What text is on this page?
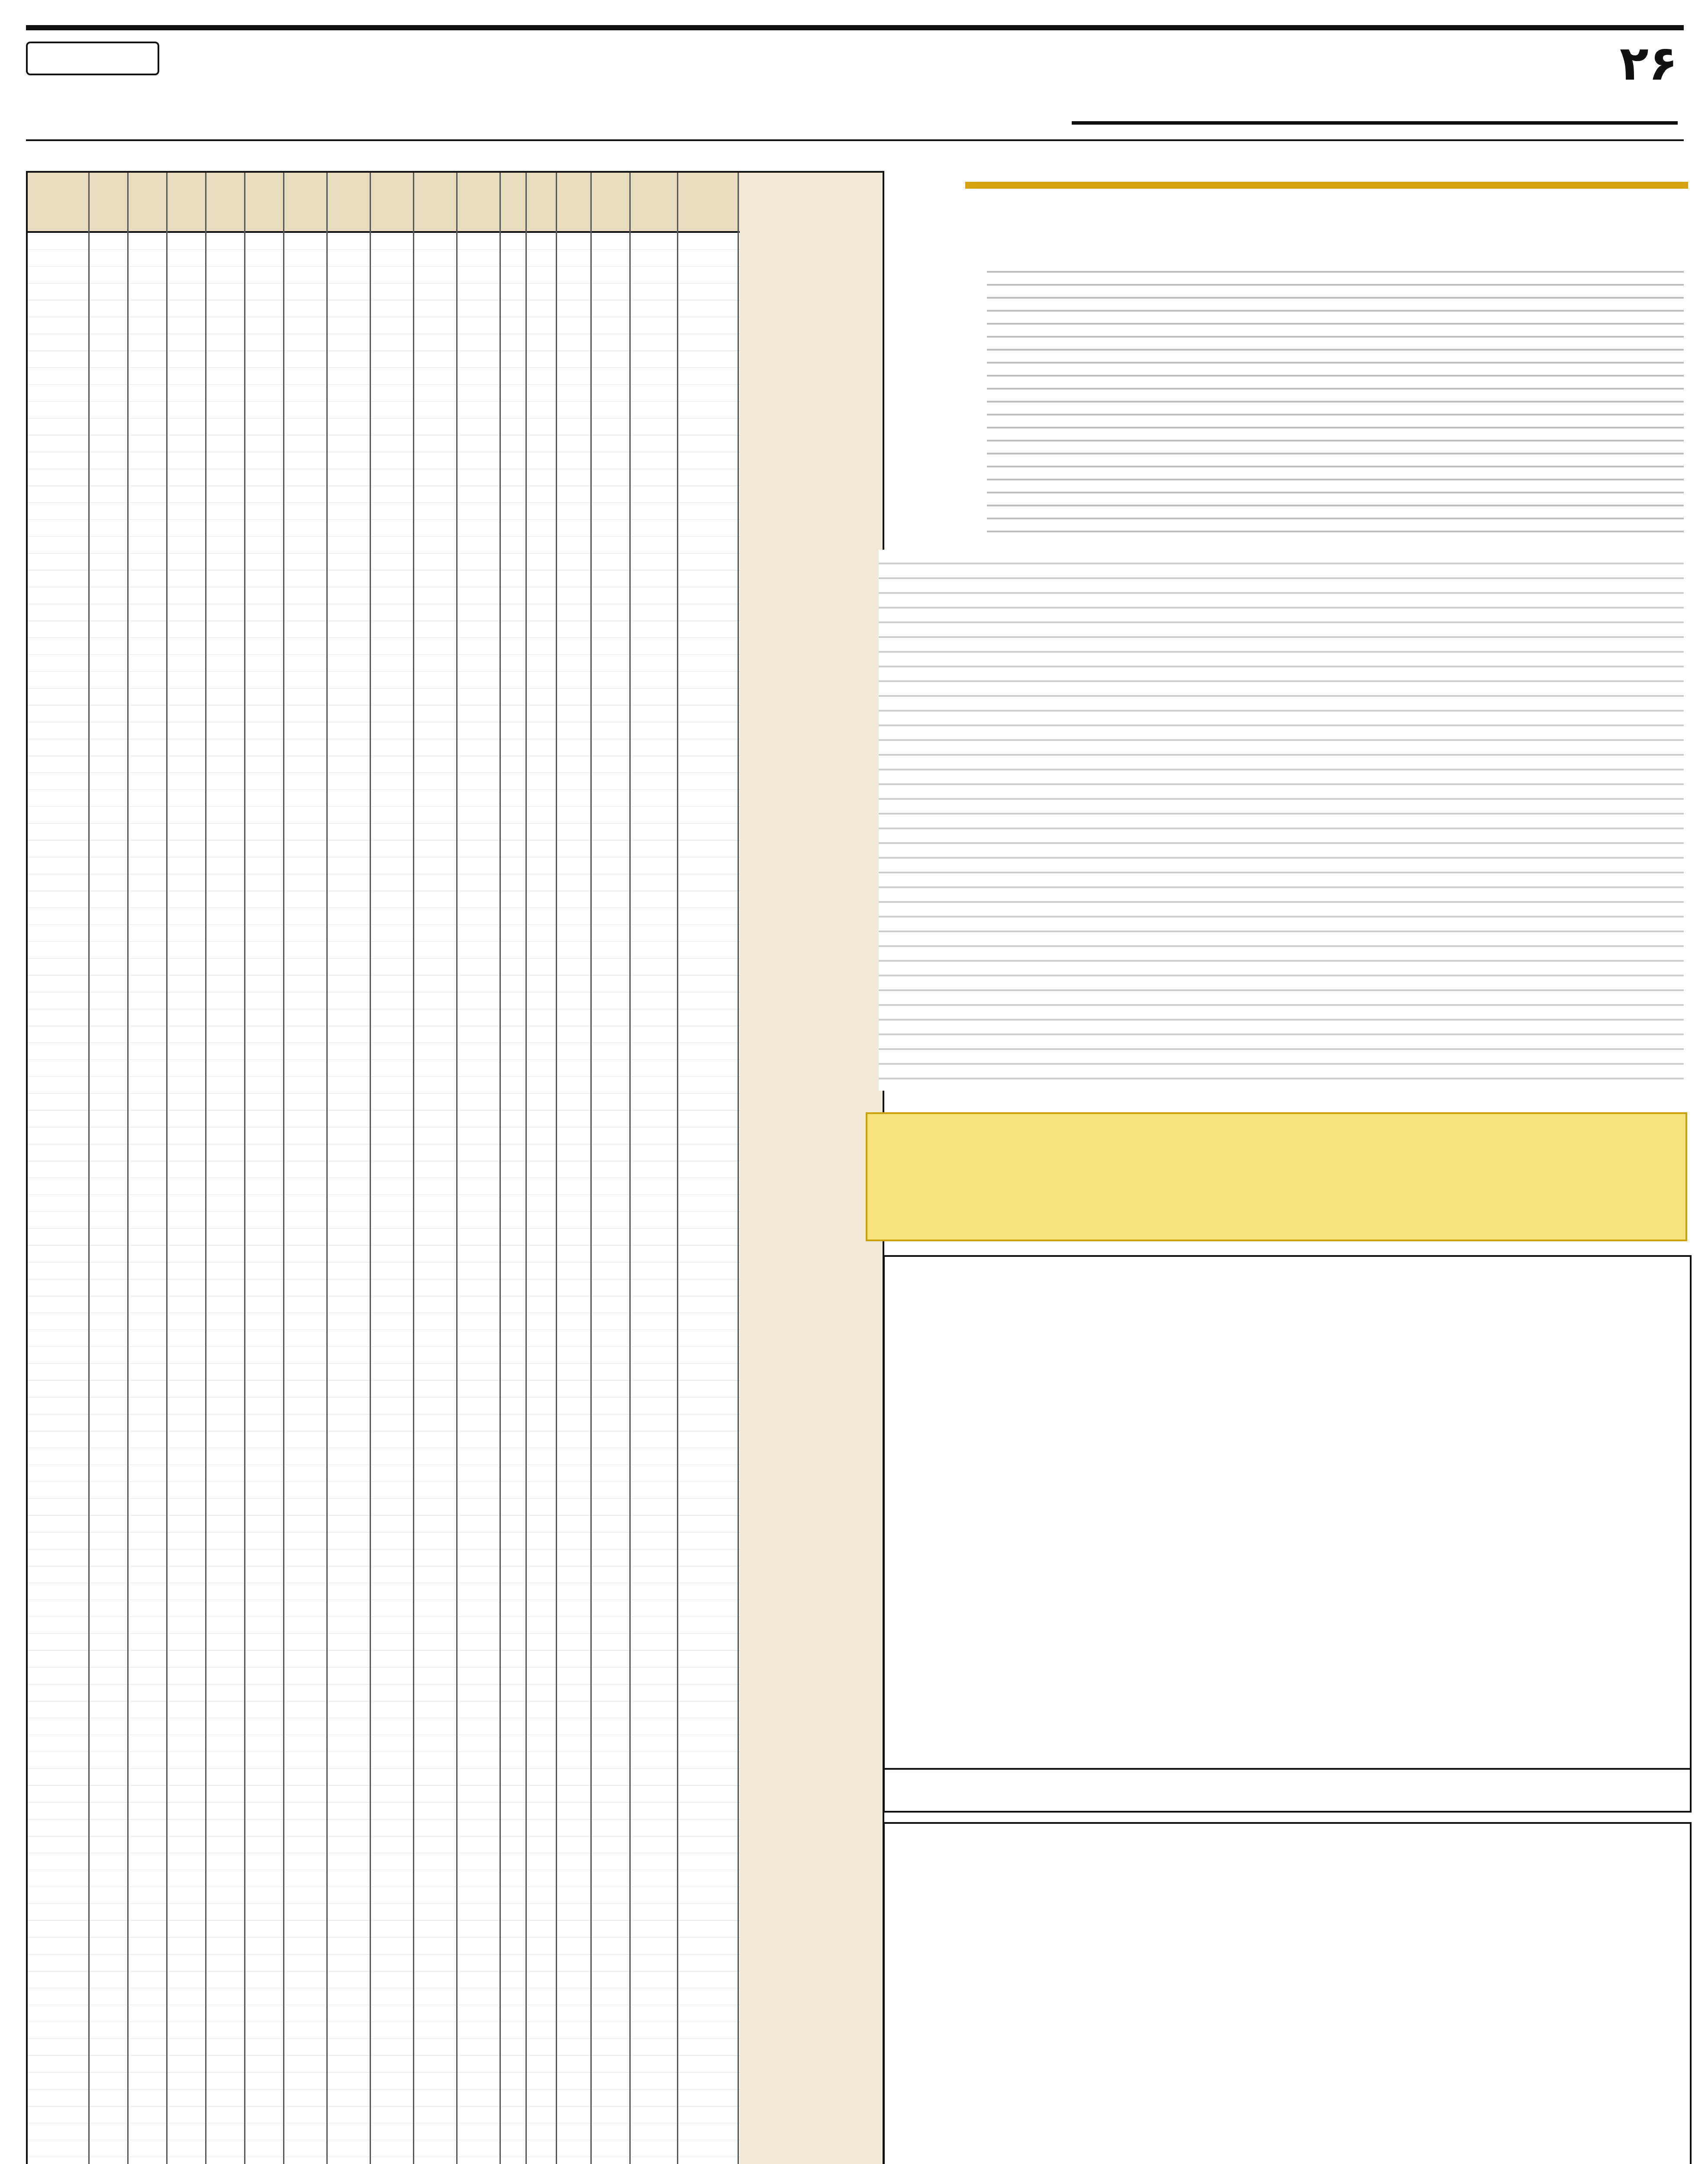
۲۶
